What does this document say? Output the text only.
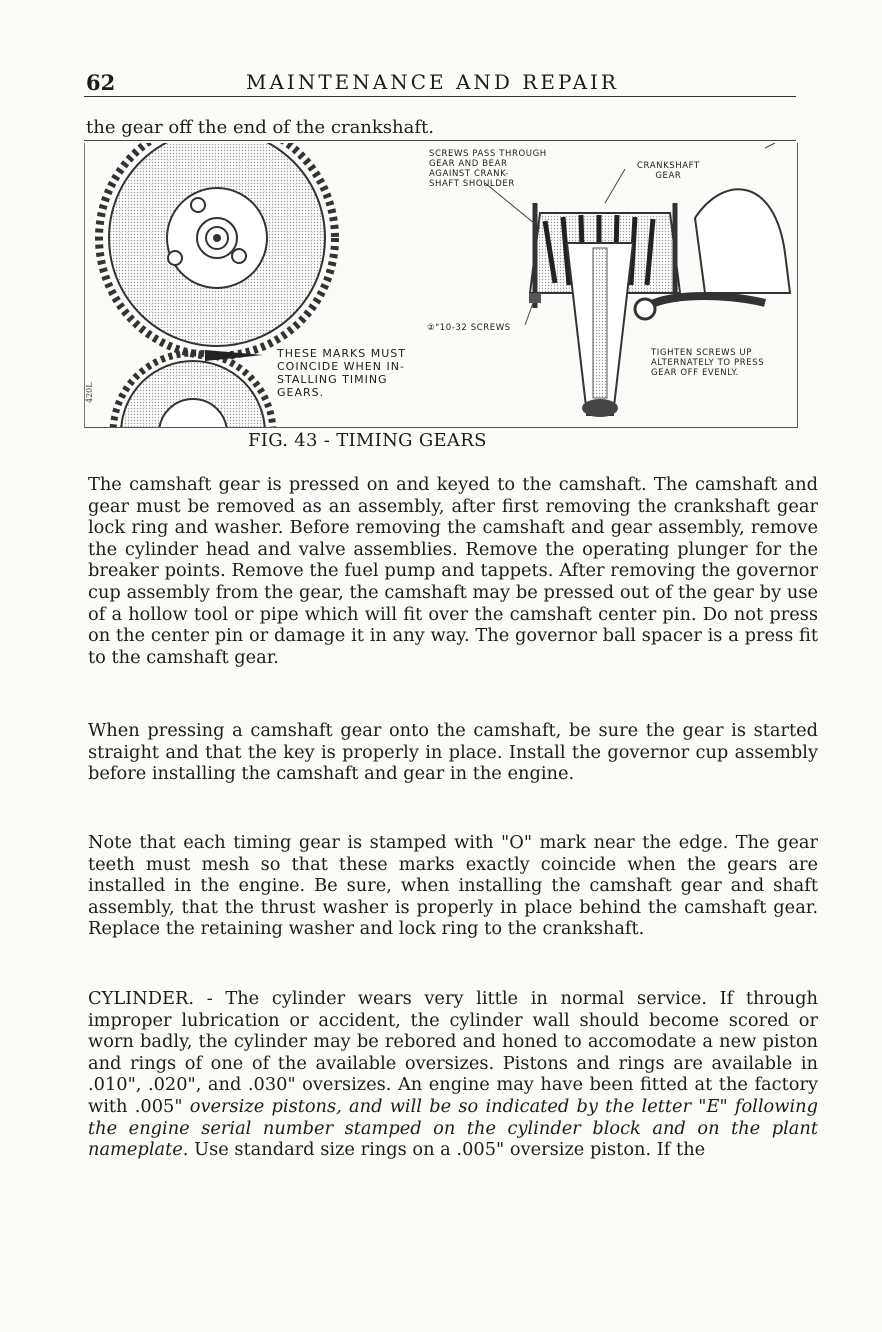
62	MAINTENANCE AND REPAIR
the gear off the end of the crankshaft.
SCREWS PASS THROUGH
GEAR AND BEAR
AGAINST CRANK-
SHAFT SHOULDER
CRANKSHAFT
GEAR
②"10-32 SCREWS
THESE MARKS MUST
COINCIDE WHEN IN-
STALLING TIMING
GEARS.
TIGHTEN SCREWS UP
ALTERNATELY TO PRESS
GEAR OFF EVENLY.
420L
FIG. 43 - TIMING GEARS

The camshaft gear is pressed on and keyed to the camshaft. The camshaft and gear must be removed as an assembly, after first removing the crankshaft gear lock ring and washer. Before removing the camshaft and gear assembly, remove the cylinder head and valve assemblies. Remove the operating plunger for the breaker points. Remove the fuel pump and tappets. After removing the governor cup assembly from the gear, the camshaft may be pressed out of the gear by use of a hollow tool or pipe which will fit over the camshaft center pin. Do not press on the center pin or damage it in any way. The governor ball spacer is a press fit to the camshaft gear.

When pressing a camshaft gear onto the camshaft, be sure the gear is started straight and that the key is properly in place. Install the governor cup assembly before installing the camshaft and gear in the engine.

Note that each timing gear is stamped with "O" mark near the edge. The gear teeth must mesh so that these marks exactly coincide when the gears are installed in the engine. Be sure, when installing the camshaft gear and shaft assembly, that the thrust washer is properly in place behind the camshaft gear. Replace the retaining washer and lock ring to the crankshaft.

CYLINDER. - The cylinder wears very little in normal service. If through improper lubrication or accident, the cylinder wall should become scored or worn badly, the cylinder may be rebored and honed to accomodate a new piston and rings of one of the available oversizes. Pistons and rings are available in .010", .020", and .030" oversizes. An engine may have been fitted at the factory with .005" oversize pistons, and will be so indicated by the letter "E" following the engine serial number stamped on the cylinder block and on the plant nameplate. Use standard size rings on a .005" oversize piston. If the
